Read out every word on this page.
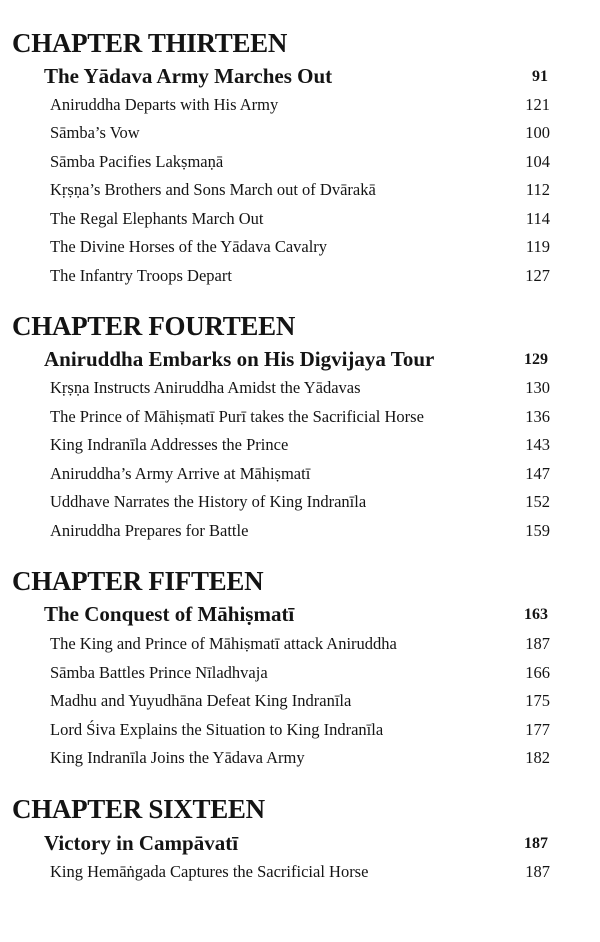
CHAPTER THIRTEEN
The Yādava Army Marches Out	91
Aniruddha Departs with His Army	121
Sāmba’s Vow	100
Sāmba Pacifies Lakṣmaṇā	104
Kṛṣṇa’s Brothers and Sons March out of Dvārakā	112
The Regal Elephants March Out	114
The Divine Horses of the Yādava Cavalry	119
The Infantry Troops Depart	127
CHAPTER FOURTEEN
Aniruddha Embarks on His Digvijaya Tour	129
Kṛṣṇa Instructs Aniruddha Amidst the Yādavas	130
The Prince of Māhiṣmatī Purī takes the Sacrificial Horse	136
King Indranīla Addresses the Prince	143
Aniruddha’s Army Arrive at Māhiṣmatī	147
Uddhave Narrates the History of King Indranīla	152
Aniruddha Prepares for Battle	159
CHAPTER FIFTEEN
The Conquest of Māhiṣmatī	163
The King and Prince of Māhiṣmatī attack Aniruddha	187
Sāmba Battles Prince Nīladhvaja	166
Madhu and Yuyudhāna Defeat King Indranīla	175
Lord Śiva Explains the Situation to King Indranīla	177
King Indranīla Joins the Yādava Army	182
CHAPTER SIXTEEN
Victory in Campāvatī	187
King Hemāṅgada Captures the Sacrificial Horse	187
